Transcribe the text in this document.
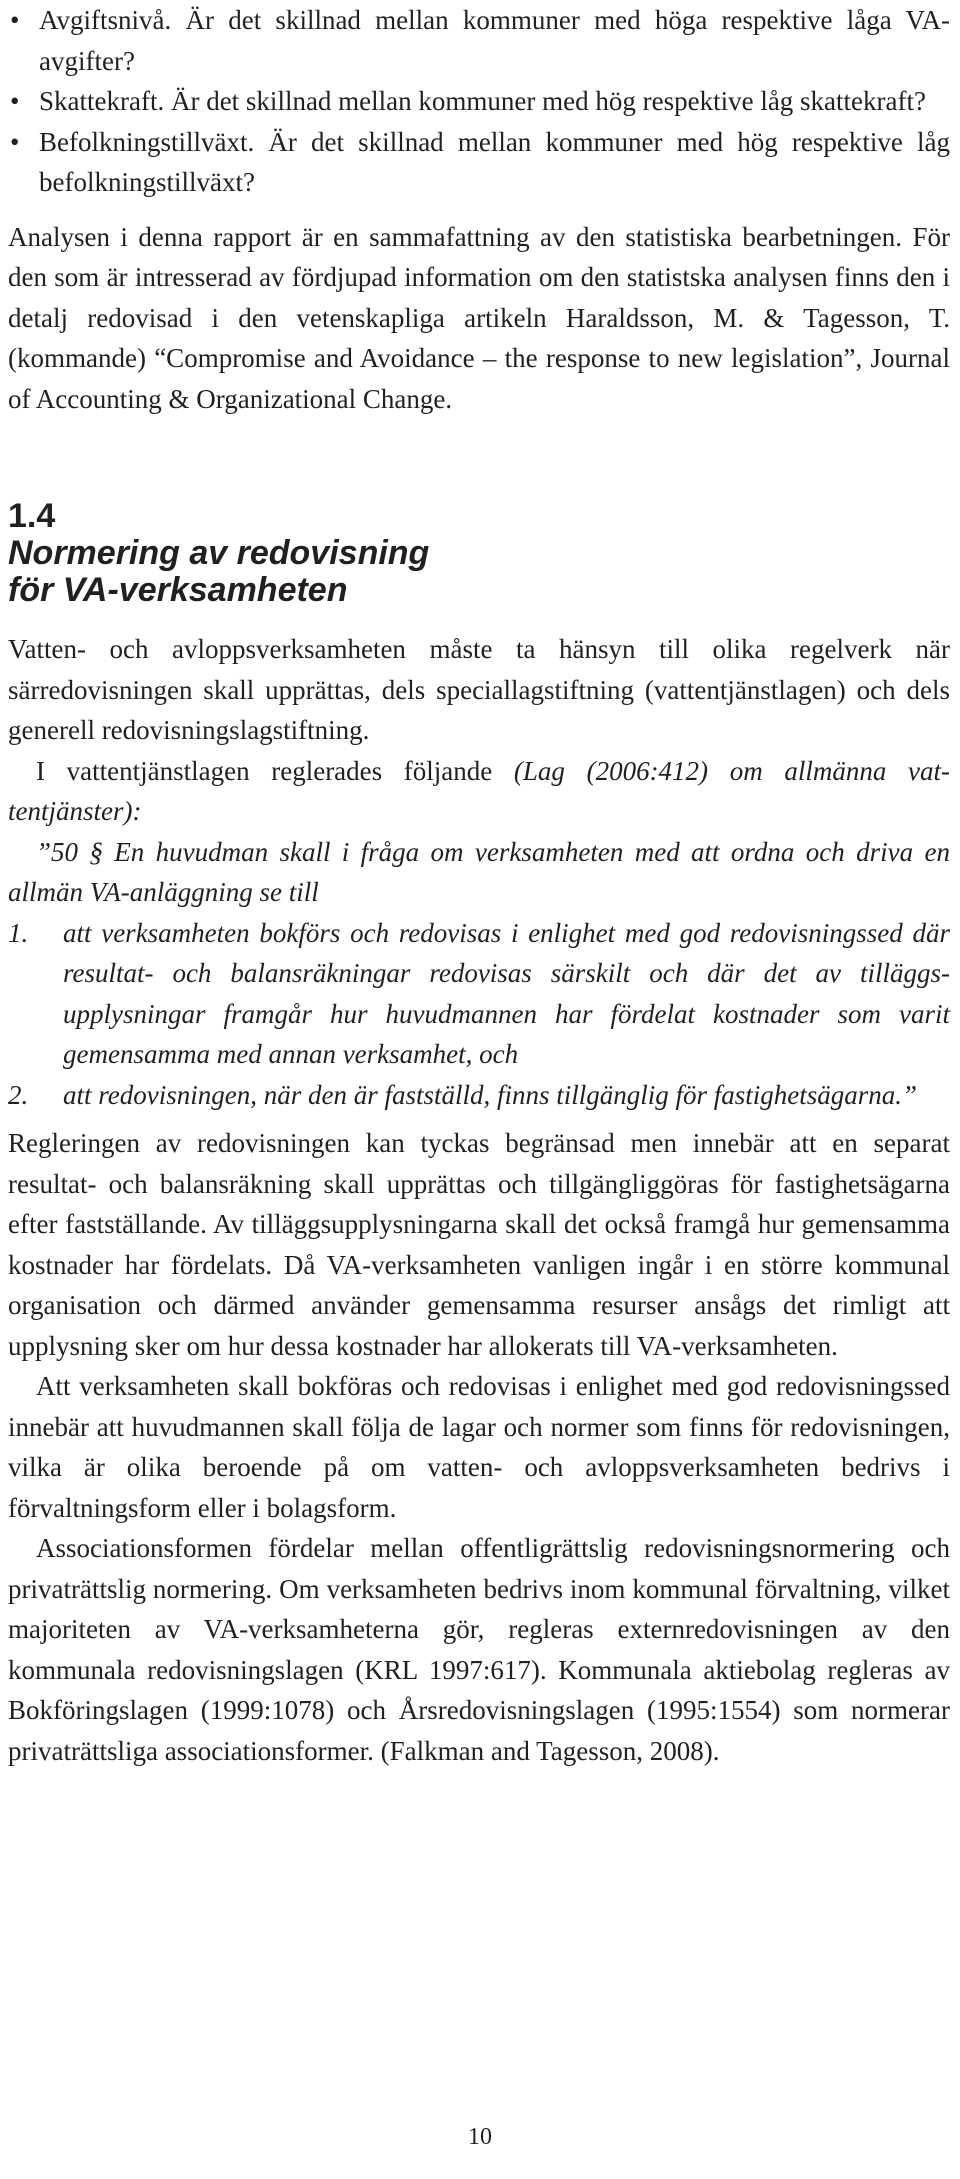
• Avgiftsnivå. Är det skillnad mellan kommuner med höga respektive låga VA-avgifter?
• Skattekraft. Är det skillnad mellan kommuner med hög respektive låg skattekraft?
• Befolkningstillväxt. Är det skillnad mellan kommuner med hög respektive låg befolkningstillväxt?

Analysen i denna rapport är en sammafattning av den statistiska bearbetningen. För den som är intresserad av fördjupad information om den statistska analysen finns den i detalj redovisad i den vetenskapliga artikeln Haraldsson, M. & Tagesson, T. (kommande) “Compromise and Avoidance – the response to new legislation”, Journal of Accounting & Organizational Change.

1.4
Normering av redovisning
för VA-verksamheten

Vatten- och avloppsverksamheten måste ta hänsyn till olika regelverk när särredovisningen skall upprättas, dels speciallagstiftning (vattentjänstlagen) och dels generell redovisningslagstiftning.

I vattentjänstlagen reglerades följande (Lag (2006:412) om allmänna vattentjänster):

”50 § En huvudman skall i fråga om verksamheten med att ordna och driva en allmän VA-anläggning se till

1. att verksamheten bokförs och redovisas i enlighet med god redovisningssed där resultat- och balansräkningar redovisas särskilt och där det av tilläggsupplysningar framgår hur huvudmannen har fördelat kostnader som varit gemensamma med annan verksamhet, och
2. att redovisningen, när den är fastställd, finns tillgänglig för fastighetsägarna.”

Regleringen av redovisningen kan tyckas begränsad men innebär att en separat resultat- och balansräkning skall upprättas och tillgängliggöras för fastighetsägarna efter fastställande. Av tilläggsupplysningarna skall det också framgå hur gemensamma kostnader har fördelats. Då VA-verksamheten vanligen ingår i en större kommunal organisation och därmed använder gemensamma resurser ansågs det rimligt att upplysning sker om hur dessa kostnader har allokerats till VA-verksamheten.

Att verksamheten skall bokföras och redovisas i enlighet med god redovisningssed innebär att huvudmannen skall följa de lagar och normer som finns för redovisningen, vilka är olika beroende på om vatten- och avloppsverksamheten bedrivs i förvaltningsform eller i bolagsform.

Associationsformen fördelar mellan offentligrättslig redovisningsnormering och privaträttslig normering. Om verksamheten bedrivs inom kommunal förvaltning, vilket majoriteten av VA-verksamheterna gör, regleras externredovisningen av den kommunala redovisningslagen (KRL 1997:617). Kommunala aktiebolag regleras av Bokföringslagen (1999:1078) och Årsredovisningslagen (1995:1554) som normerar privaträttsliga associationsformer. (Falkman and Tagesson, 2008).

10
